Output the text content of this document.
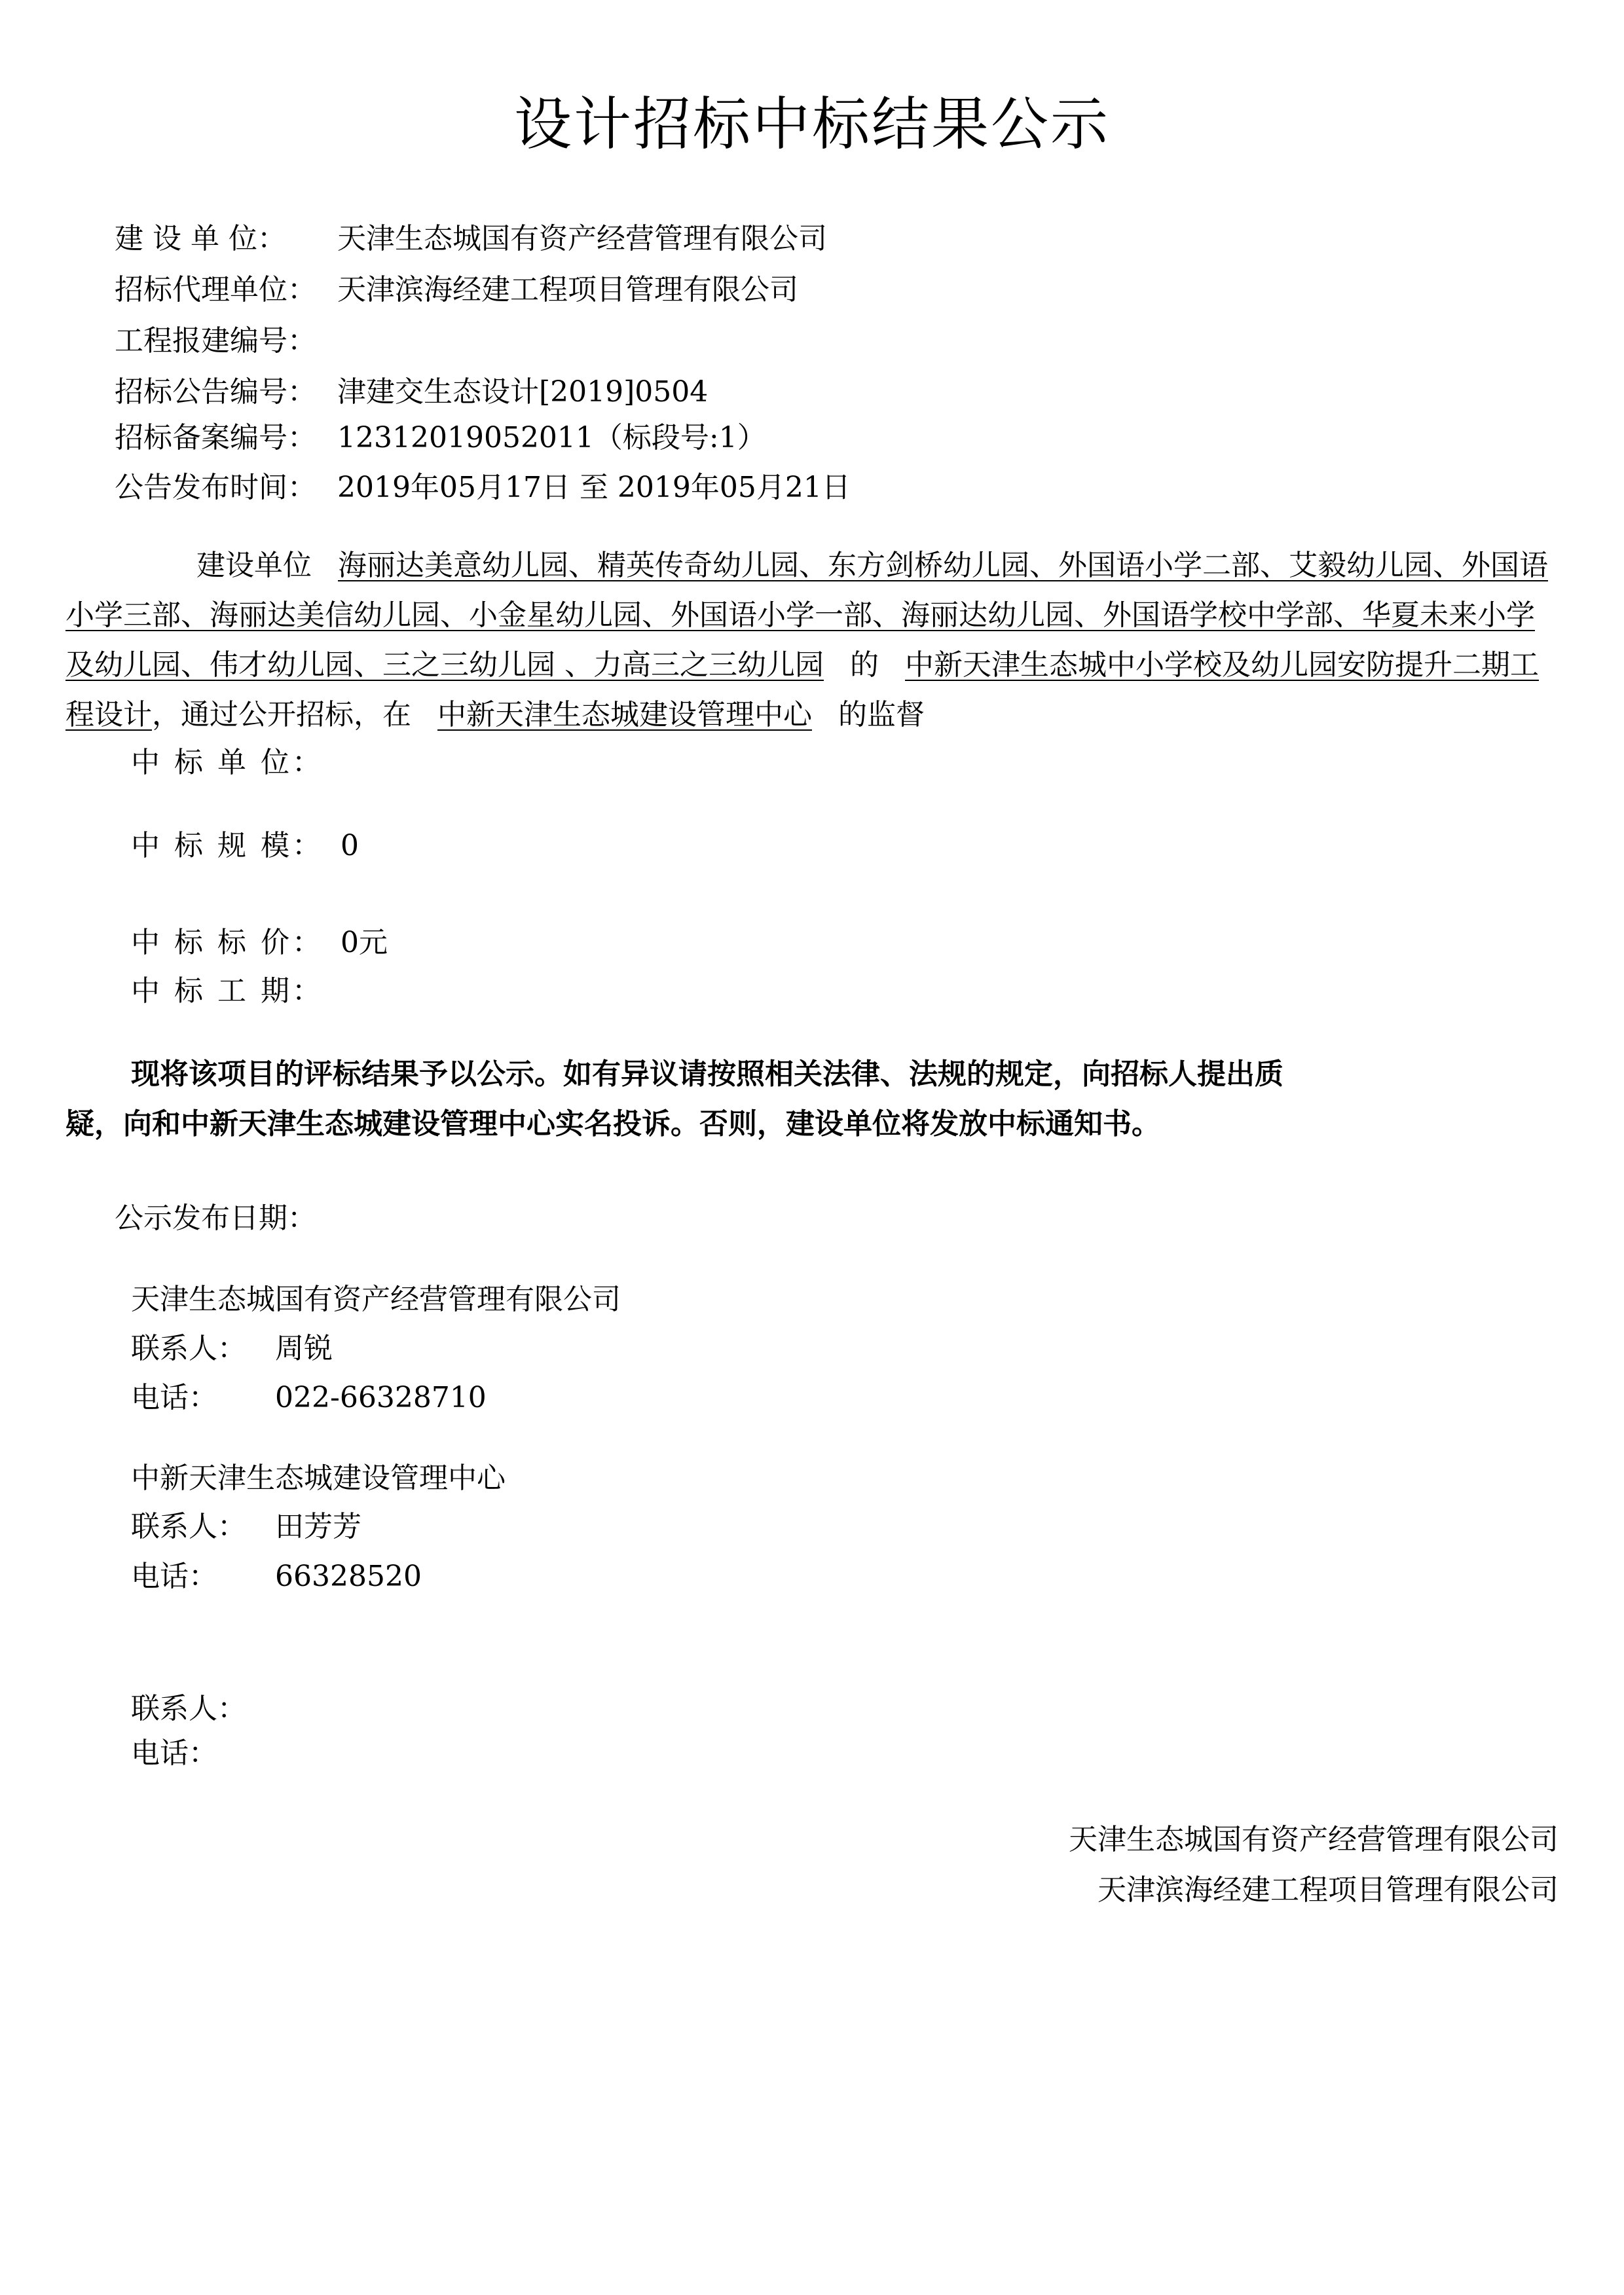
设计招标中标结果公示
建 设 单 位： 天津生态城国有资产经营管理有限公司
招标代理单位： 天津滨海经建工程项目管理有限公司
工程报建编号：
招标公告编号： 津建交生态设计[2019]0504
招标备案编号： 12312019052011（标段号:1）
公告发布时间： 2019年05月17日 至 2019年05月21日
建设单位 海丽达美意幼儿园、精英传奇幼儿园、东方剑桥幼儿园、外国语小学二部、艾毅幼儿园、外国语小学三部、海丽达美信幼儿园、小金星幼儿园、外国语小学一部、海丽达幼儿园、外国语学校中学部、华夏未来小学及幼儿园、伟才幼儿园、三之三幼儿园 、力高三之三幼儿园 的 中新天津生态城中小学校及幼儿园安防提升二期工程设计，通过公开招标，在 中新天津生态城建设管理中心 的监督
中 标 单 位：
中 标 规 模： 0
中 标 标 价： 0元
中 标 工 期：
现将该项目的评标结果予以公示。如有异议请按照相关法律、法规的规定，向招标人提出质
疑，向和中新天津生态城建设管理中心实名投诉。否则，建设单位将发放中标通知书。
公示发布日期：
天津生态城国有资产经营管理有限公司
联系人： 周锐
电话： 022-66328710
中新天津生态城建设管理中心
联系人： 田芳芳
电话： 66328520
联系人：
电话：
天津生态城国有资产经营管理有限公司
天津滨海经建工程项目管理有限公司
